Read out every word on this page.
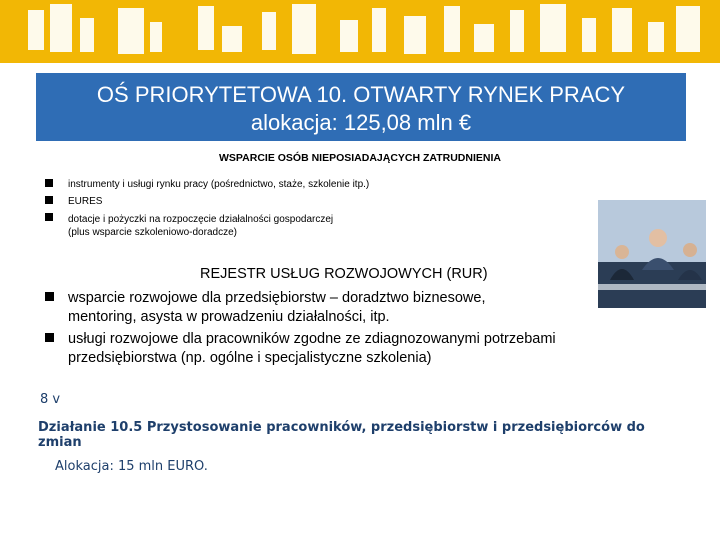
OŚ PRIORYTETOWA 10. OTWARTY RYNEK PRACY
alokacja: 125,08 mln €
WSPARCIE OSÓB NIEPOSIADAJĄCYCH ZATRUDNIENIA
instrumenty i usługi rynku pracy (pośrednictwo, staże, szkolenie itp.)
EURES
dotacje i pożyczki na rozpoczęcie działalności gospodarczej
(plus wsparcie szkoleniowo-doradcze)
REJESTR USŁUG ROZWOJOWYCH (RUR)
wsparcie rozwojowe dla przedsiębiorstw – doradztwo biznesowe,
mentoring, asysta w prowadzeniu działalności, itp.
usługi rozwojowe dla pracowników zgodne ze zdiagnozowanymi potrzebami
przedsiębiorstwa (np. ogólne i specjalistyczne szkolenia)
8 v
Działanie 10.5 Przystosowanie pracowników, przedsiębiorstw i przedsiębiorców do
zmian
Alokacja: 15 mln EURO.
